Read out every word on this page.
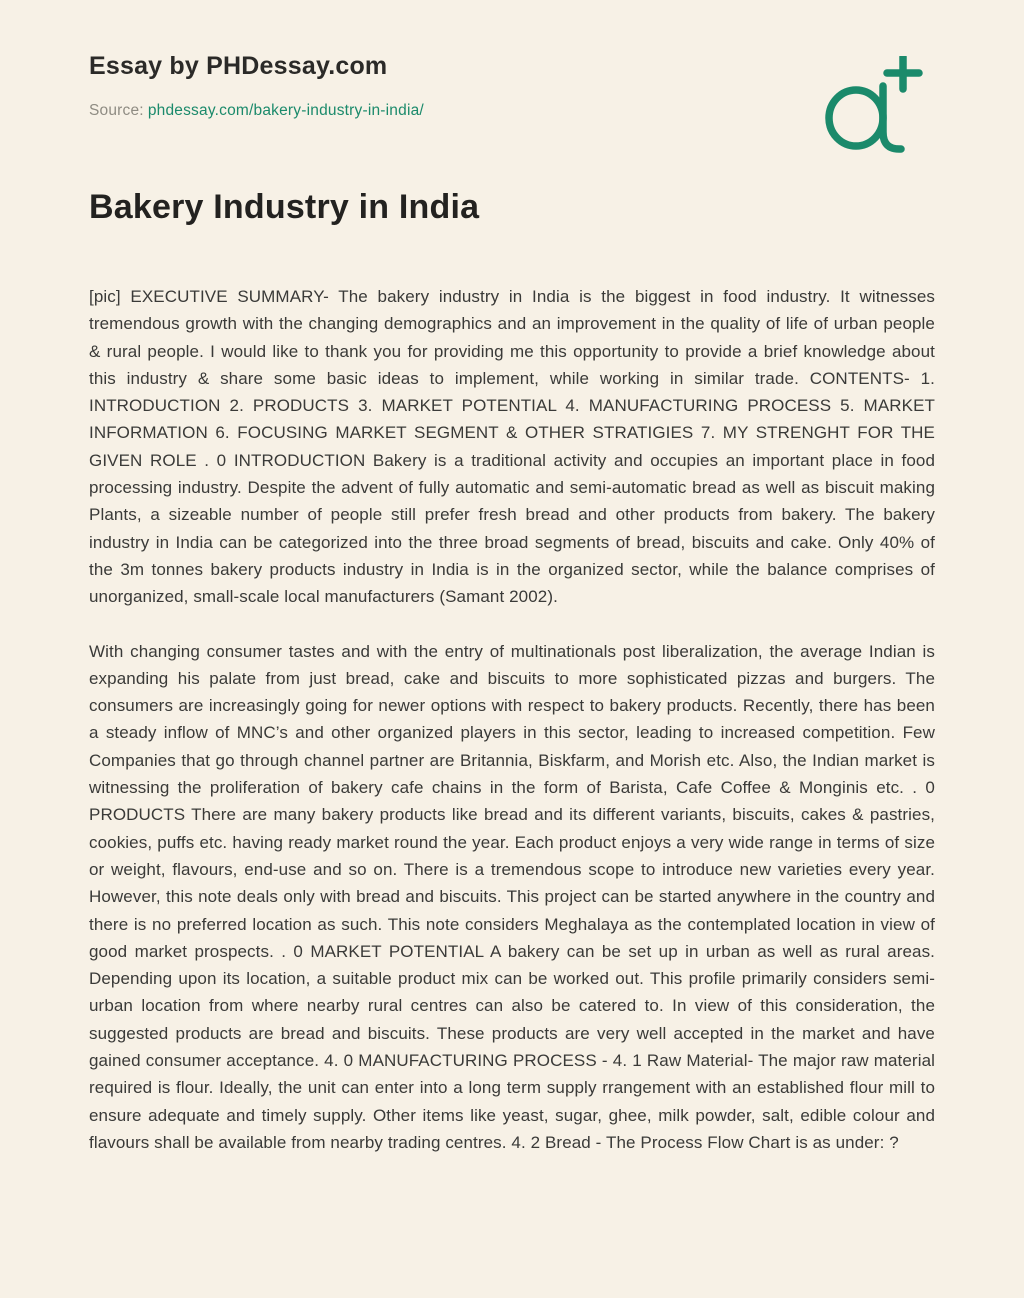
Essay by PHDessay.com
Source: phdessay.com/bakery-industry-in-india/
Bakery Industry in India

[pic] EXECUTIVE SUMMARY- The bakery industry in India is the biggest in food industry. It witnesses tremendous growth with the changing demographics and an improvement in the quality of life of urban people & rural people. I would like to thank you for providing me this opportunity to provide a brief knowledge about this industry & share some basic ideas to implement, while working in similar trade. CONTENTS- 1. INTRODUCTION 2. PRODUCTS 3. MARKET POTENTIAL 4. MANUFACTURING PROCESS 5. MARKET INFORMATION 6. FOCUSING MARKET SEGMENT & OTHER STRATIGIES 7. MY STRENGHT FOR THE GIVEN ROLE . 0 INTRODUCTION Bakery is a traditional activity and occupies an important place in food processing industry. Despite the advent of fully automatic and semi-automatic bread as well as biscuit making Plants, a sizeable number of people still prefer fresh bread and other products from bakery. The bakery industry in India can be categorized into the three broad segments of bread, biscuits and cake. Only 40% of the 3m tonnes bakery products industry in India is in the organized sector, while the balance comprises of unorganized, small-scale local manufacturers (Samant 2002).

With changing consumer tastes and with the entry of multinationals post liberalization, the average Indian is expanding his palate from just bread, cake and biscuits to more sophisticated pizzas and burgers. The consumers are increasingly going for newer options with respect to bakery products. Recently, there has been a steady inflow of MNC’s and other organized players in this sector, leading to increased competition. Few Companies that go through channel partner are Britannia, Biskfarm, and Morish etc. Also, the Indian market is witnessing the proliferation of bakery cafe chains in the form of Barista, Cafe Coffee & Monginis etc. . 0 PRODUCTS There are many bakery products like bread and its different variants, biscuits, cakes & pastries, cookies, puffs etc. having ready market round the year. Each product enjoys a very wide range in terms of size or weight, flavours, end-use and so on. There is a tremendous scope to introduce new varieties every year. However, this note deals only with bread and biscuits. This project can be started anywhere in the country and there is no preferred location as such. This note considers Meghalaya as the contemplated location in view of good market prospects. . 0 MARKET POTENTIAL A bakery can be set up in urban as well as rural areas. Depending upon its location, a suitable product mix can be worked out. This profile primarily considers semi-urban location from where nearby rural centres can also be catered to. In view of this consideration, the suggested products are bread and biscuits. These products are very well accepted in the market and have gained consumer acceptance. 4. 0 MANUFACTURING PROCESS - 4. 1 Raw Material- The major raw material required is flour. Ideally, the unit can enter into a long term supply rrangement with an established flour mill to ensure adequate and timely supply. Other items like yeast, sugar, ghee, milk powder, salt, edible colour and flavours shall be available from nearby trading centres. 4. 2 Bread - The Process Flow Chart is as under: ?
